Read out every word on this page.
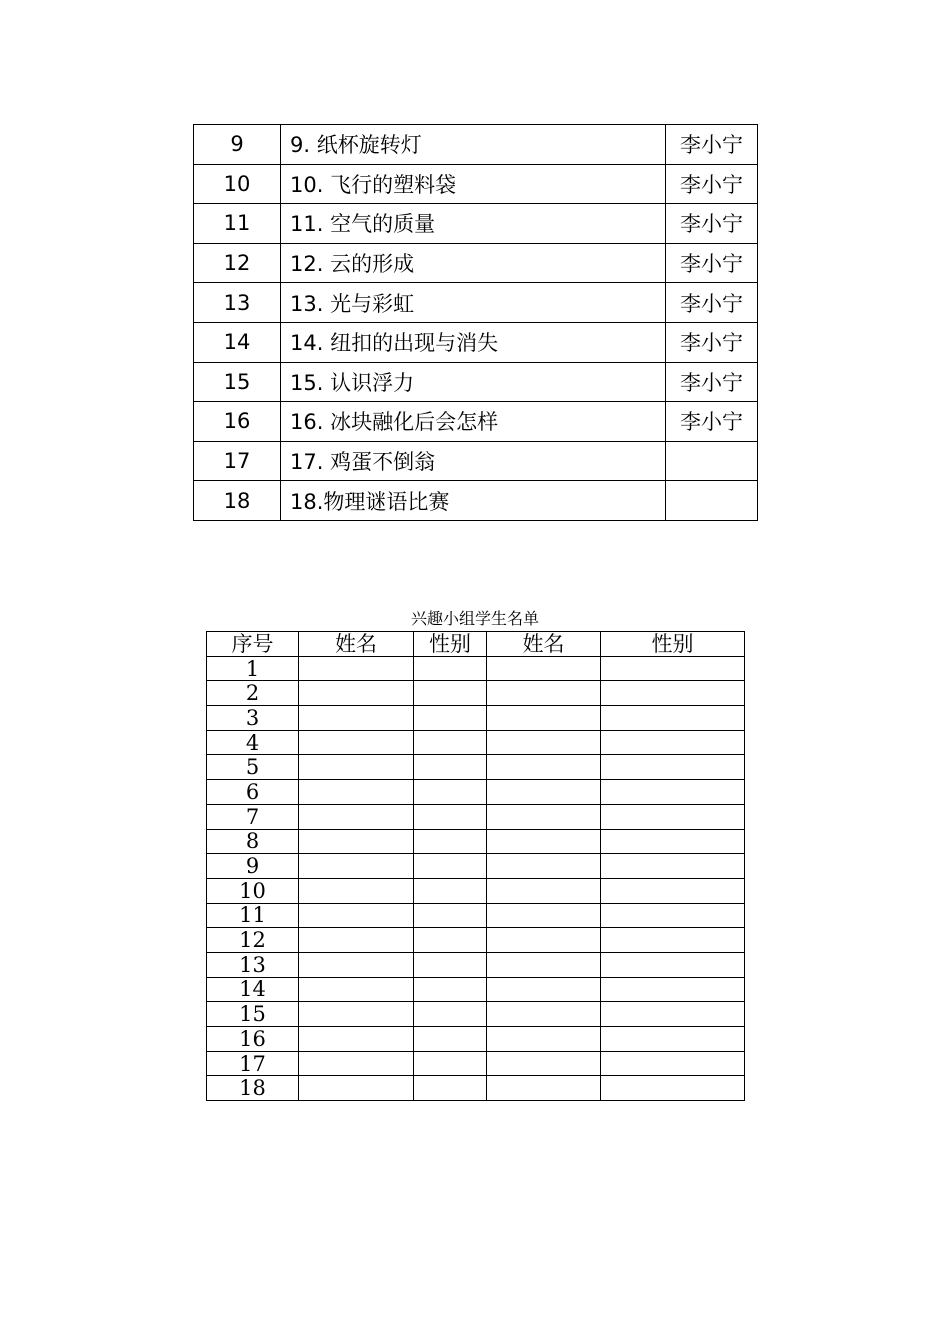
9	9. 纸杯旋转灯	李小宁
10	10. 飞行的塑料袋	李小宁
11	11. 空气的质量	李小宁
12	12. 云的形成	李小宁
13	13. 光与彩虹	李小宁
14	14. 纽扣的出现与消失	李小宁
15	15. 认识浮力	李小宁
16	16. 冰块融化后会怎样	李小宁
17	17. 鸡蛋不倒翁	
18	18.物理谜语比赛	
兴趣小组学生名单
序号	姓名	性别	姓名	性别
1				
2				
3				
4				
5				
6				
7				
8				
9				
10				
11				
12				
13				
14				
15				
16				
17				
18				
